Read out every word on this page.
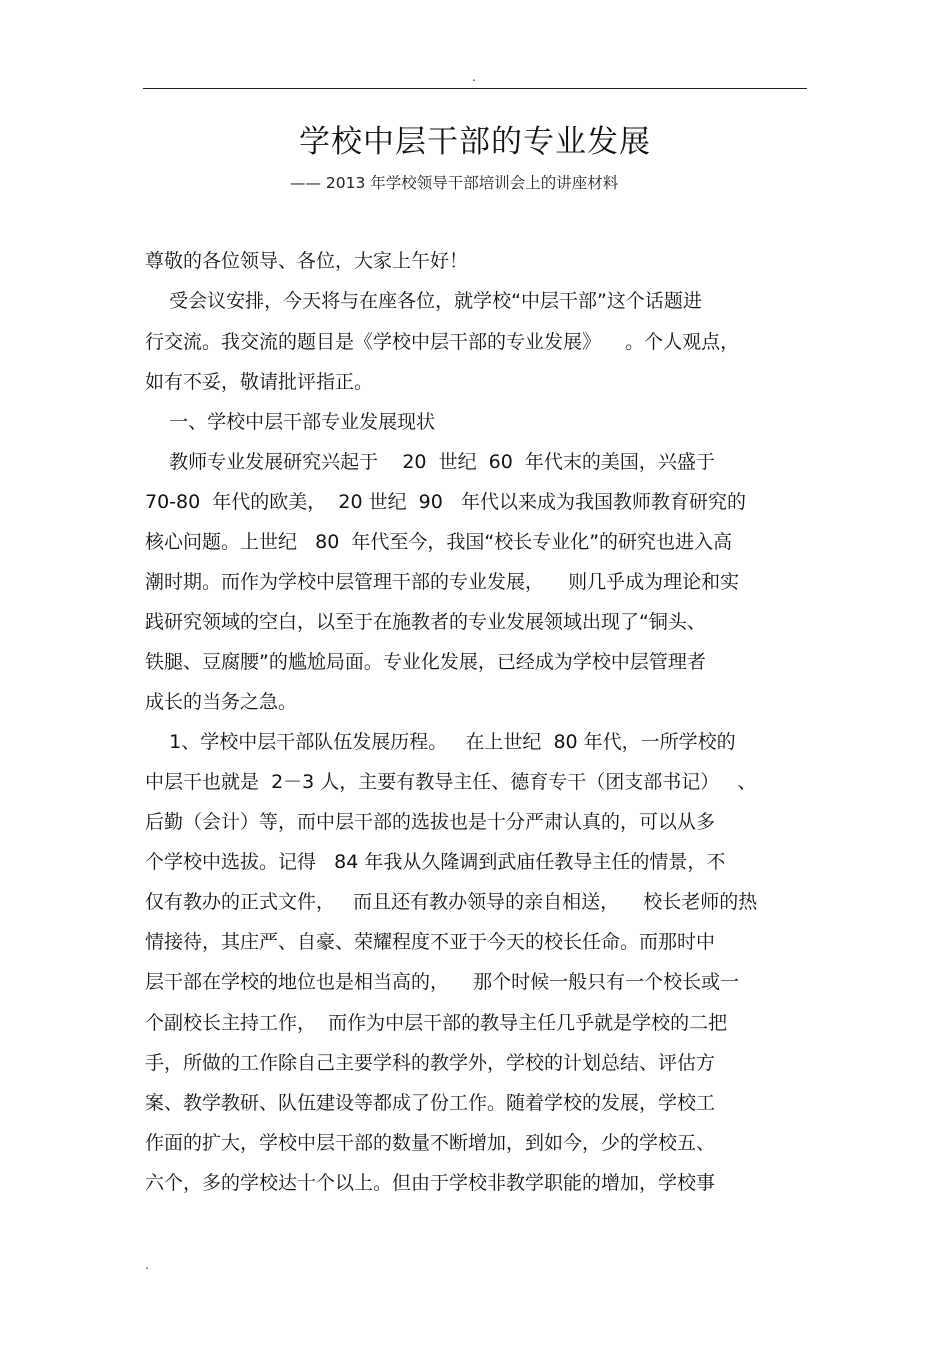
.
学校中层干部的专业发展
—— 2013 年学校领导干部培训会上的讲座材料
尊敬的各位领导、各位，大家上午好！
受会议安排，今天将与在座各位，就学校“中层干部”这个话题进
行交流。我交流的题目是《学校中层干部的专业发展》    。个人观点，
如有不妥，敬请批评指正。
一、学校中层干部专业发展现状
教师专业发展研究兴起于    20  世纪  60  年代末的美国，兴盛于
70-80  年代的欧美，  20 世纪  90   年代以来成为我国教师教育研究的
核心问题。上世纪   80  年代至今，我国“校长专业化”的研究也进入高
潮时期。而作为学校中层管理干部的专业发展，    则几乎成为理论和实
践研究领域的空白，以至于在施教者的专业发展领域出现了“铜头、
铁腿、豆腐腰”的尴尬局面。专业化发展，已经成为学校中层管理者
成长的当务之急。
1、学校中层干部队伍发展历程。   在上世纪  80 年代，一所学校的
中层干也就是  2－3 人，主要有教导主任、德育专干（团支部书记）   、
后勤（会计）等，而中层干部的选拔也是十分严肃认真的，可以从多
个学校中选拔。记得   84 年我从久隆调到武庙任教导主任的情景，不
仅有教办的正式文件，   而且还有教办领导的亲自相送，    校长老师的热
情接待，其庄严、自豪、荣耀程度不亚于今天的校长任命。而那时中
层干部在学校的地位也是相当高的，    那个时候一般只有一个校长或一
个副校长主持工作，  而作为中层干部的教导主任几乎就是学校的二把
手，所做的工作除自己主要学科的教学外，学校的计划总结、评估方
案、教学教研、队伍建设等都成了份工作。随着学校的发展，学校工
作面的扩大，学校中层干部的数量不断增加，到如今，少的学校五、
六个，多的学校达十个以上。但由于学校非教学职能的增加，学校事
.
